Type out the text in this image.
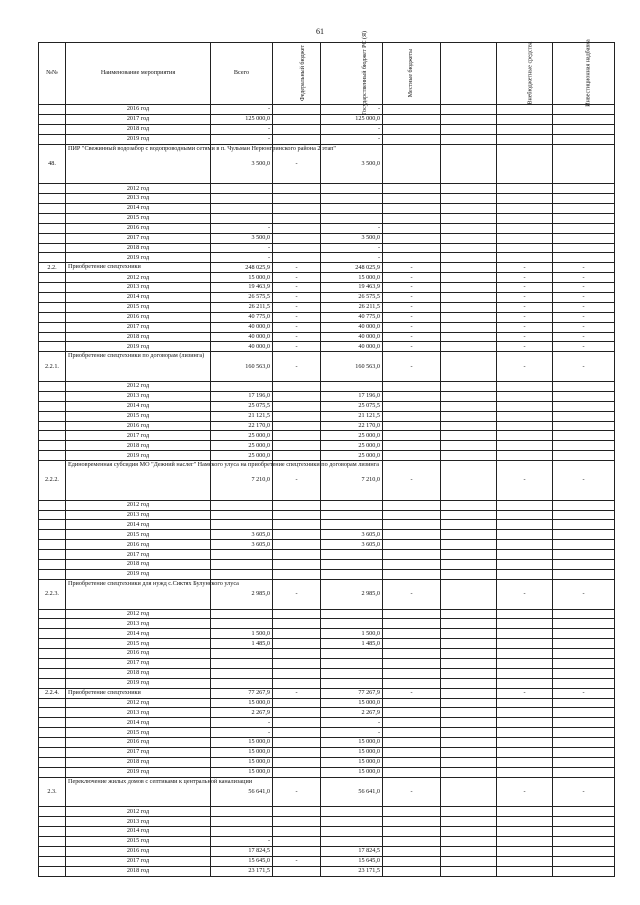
61
№№	Наименование мероприятия	Всего	Федеральный бюджет	Государственный бюджет РС (Я)	Местные бюджеты		Внебюджетные средства	Инвестиционная надбавка
	2016 год	-		-				
	2017 год	125 000,0		125 000,0				
	2018 год	-		-				
	2019 год	-		-				
48.	ПИР "Свежинный водозабор с водопроводными сетями в п. Чульман Нерюнгринского района 2 этап"	3 500,0	-	3 500,0				
	2012 год							
	2013 год							
	2014 год							
	2015 год							
	2016 год	-		-				
	2017 год	3 500,0		3 500,0				
	2018 год	-		-				
	2019 год	-		-				
2.2.	Приобретение спецтехники	248 025,9	-	248 025,9	-		-	-
	2012 год	15 000,0	-	15 000,0	-		-	-
	2013 год	19 463,9	-	19 463,9	-		-	-
	2014 год	26 575,5	-	26 575,5	-		-	-
	2015 год	26 211,5	-	26 211,5	-		-	-
	2016 год	40 775,0	-	40 775,0	-		-	-
	2017 год	40 000,0	-	40 000,0	-		-	-
	2018 год	40 000,0	-	40 000,0	-		-	-
	2019 год	40 000,0	-	40 000,0	-		-	-
2.2.1.	Приобретение спецтехники по договорам (лизинга)	160 563,0	-	160 563,0	-		-	-
	2012 год							
	2013 год	17 196,0		17 196,0				
	2014 год	25 075,5		25 075,5				
	2015 год	21 121,5		21 121,5				
	2016 год	22 170,0		22 170,0				
	2017 год	25 000,0		25 000,0				
	2018 год	25 000,0		25 000,0				
	2019 год	25 000,0		25 000,0				
2.2.2.	Единовременная субсидия МО "Дежний наслег" Намского улуса на приобретение спецтехники по договорам лизинга	7 210,0	-	7 210,0	-		-	-
	2012 год							
	2013 год							
	2014 год							
	2015 год	3 605,0		3 605,0				
	2016 год	3 605,0		3 605,0				
	2017 год							
	2018 год							
	2019 год							
2.2.3.	Приобретение спецтехники для нужд с.Сиктях Булунского улуса	2 985,0	-	2 985,0	-		-	-
	2012 год							
	2013 год							
	2014 год	1 500,0		1 500,0				
	2015 год	1 485,0		1 485,0				
	2016 год							
	2017 год							
	2018 год							
	2019 год							
2.2.4.	Приобретение спецтехники	77 267,9	-	77 267,9	-		-	-
	2012 год	15 000,0		15 000,0				
	2013 год	2 267,9		2 267,9				
	2014 год	-		-				
	2015 год	-		-				
	2016 год	15 000,0		15 000,0				
	2017 год	15 000,0		15 000,0				
	2018 год	15 000,0		15 000,0				
	2019 год	15 000,0		15 000,0				
2.3.	Переключение жилых домов с септиками к центральной канализации	56 641,0	-	56 641,0	-		-	-
	2012 год							
	2013 год							
	2014 год							
	2015 год	-						
	2016 год	17 824,5		17 824,5				
	2017 год	15 645,0	-	15 645,0				
	2018 год	23 171,5		23 171,5				
